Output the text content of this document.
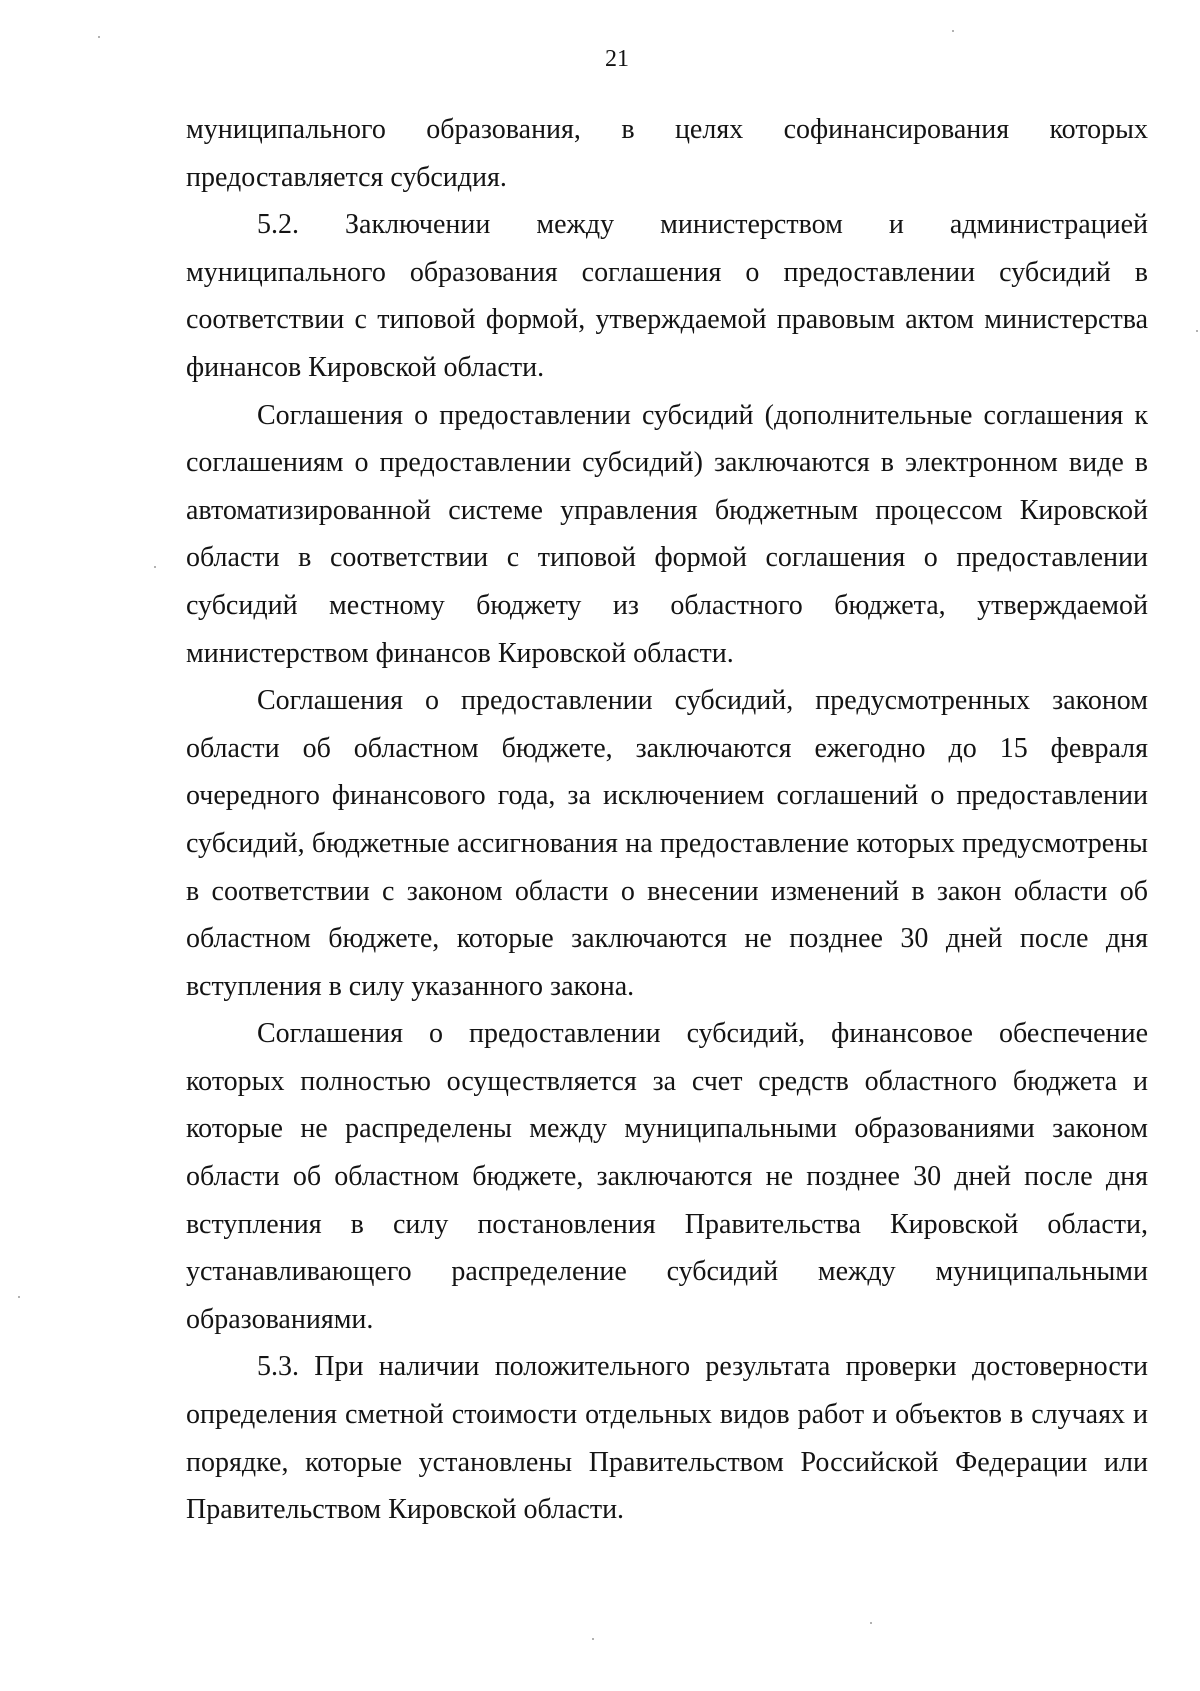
21

муниципального образования, в целях софинансирования которых предоставляется субсидия.

5.2. Заключении между министерством и администрацией муниципального образования соглашения о предоставлении субсидий в соответствии с типовой формой, утверждаемой правовым актом министерства финансов Кировской области.

Соглашения о предоставлении субсидий (дополнительные соглашения к соглашениям о предоставлении субсидий) заключаются в электронном виде в автоматизированной системе управления бюджетным процессом Кировской области в соответствии с типовой формой соглашения о предоставлении субсидий местному бюджету из областного бюджета, утверждаемой министерством финансов Кировской области.

Соглашения о предоставлении субсидий, предусмотренных законом области об областном бюджете, заключаются ежегодно до 15 февраля очередного финансового года, за исключением соглашений о предоставлении субсидий, бюджетные ассигнования на предоставление которых предусмотрены в соответствии с законом области о внесении изменений в закон области об областном бюджете, которые заключаются не позднее 30 дней после дня вступления в силу указанного закона.

Соглашения о предоставлении субсидий, финансовое обеспечение которых полностью осуществляется за счет средств областного бюджета и которые не распределены между муниципальными образованиями законом области об областном бюджете, заключаются не позднее 30 дней после дня вступления в силу постановления Правительства Кировской области, устанавливающего распределение субсидий между муниципальными образованиями.

5.3. При наличии положительного результата проверки достоверности определения сметной стоимости отдельных видов работ и объектов в случаях и порядке, которые установлены Правительством Российской Федерации или Правительством Кировской области.
